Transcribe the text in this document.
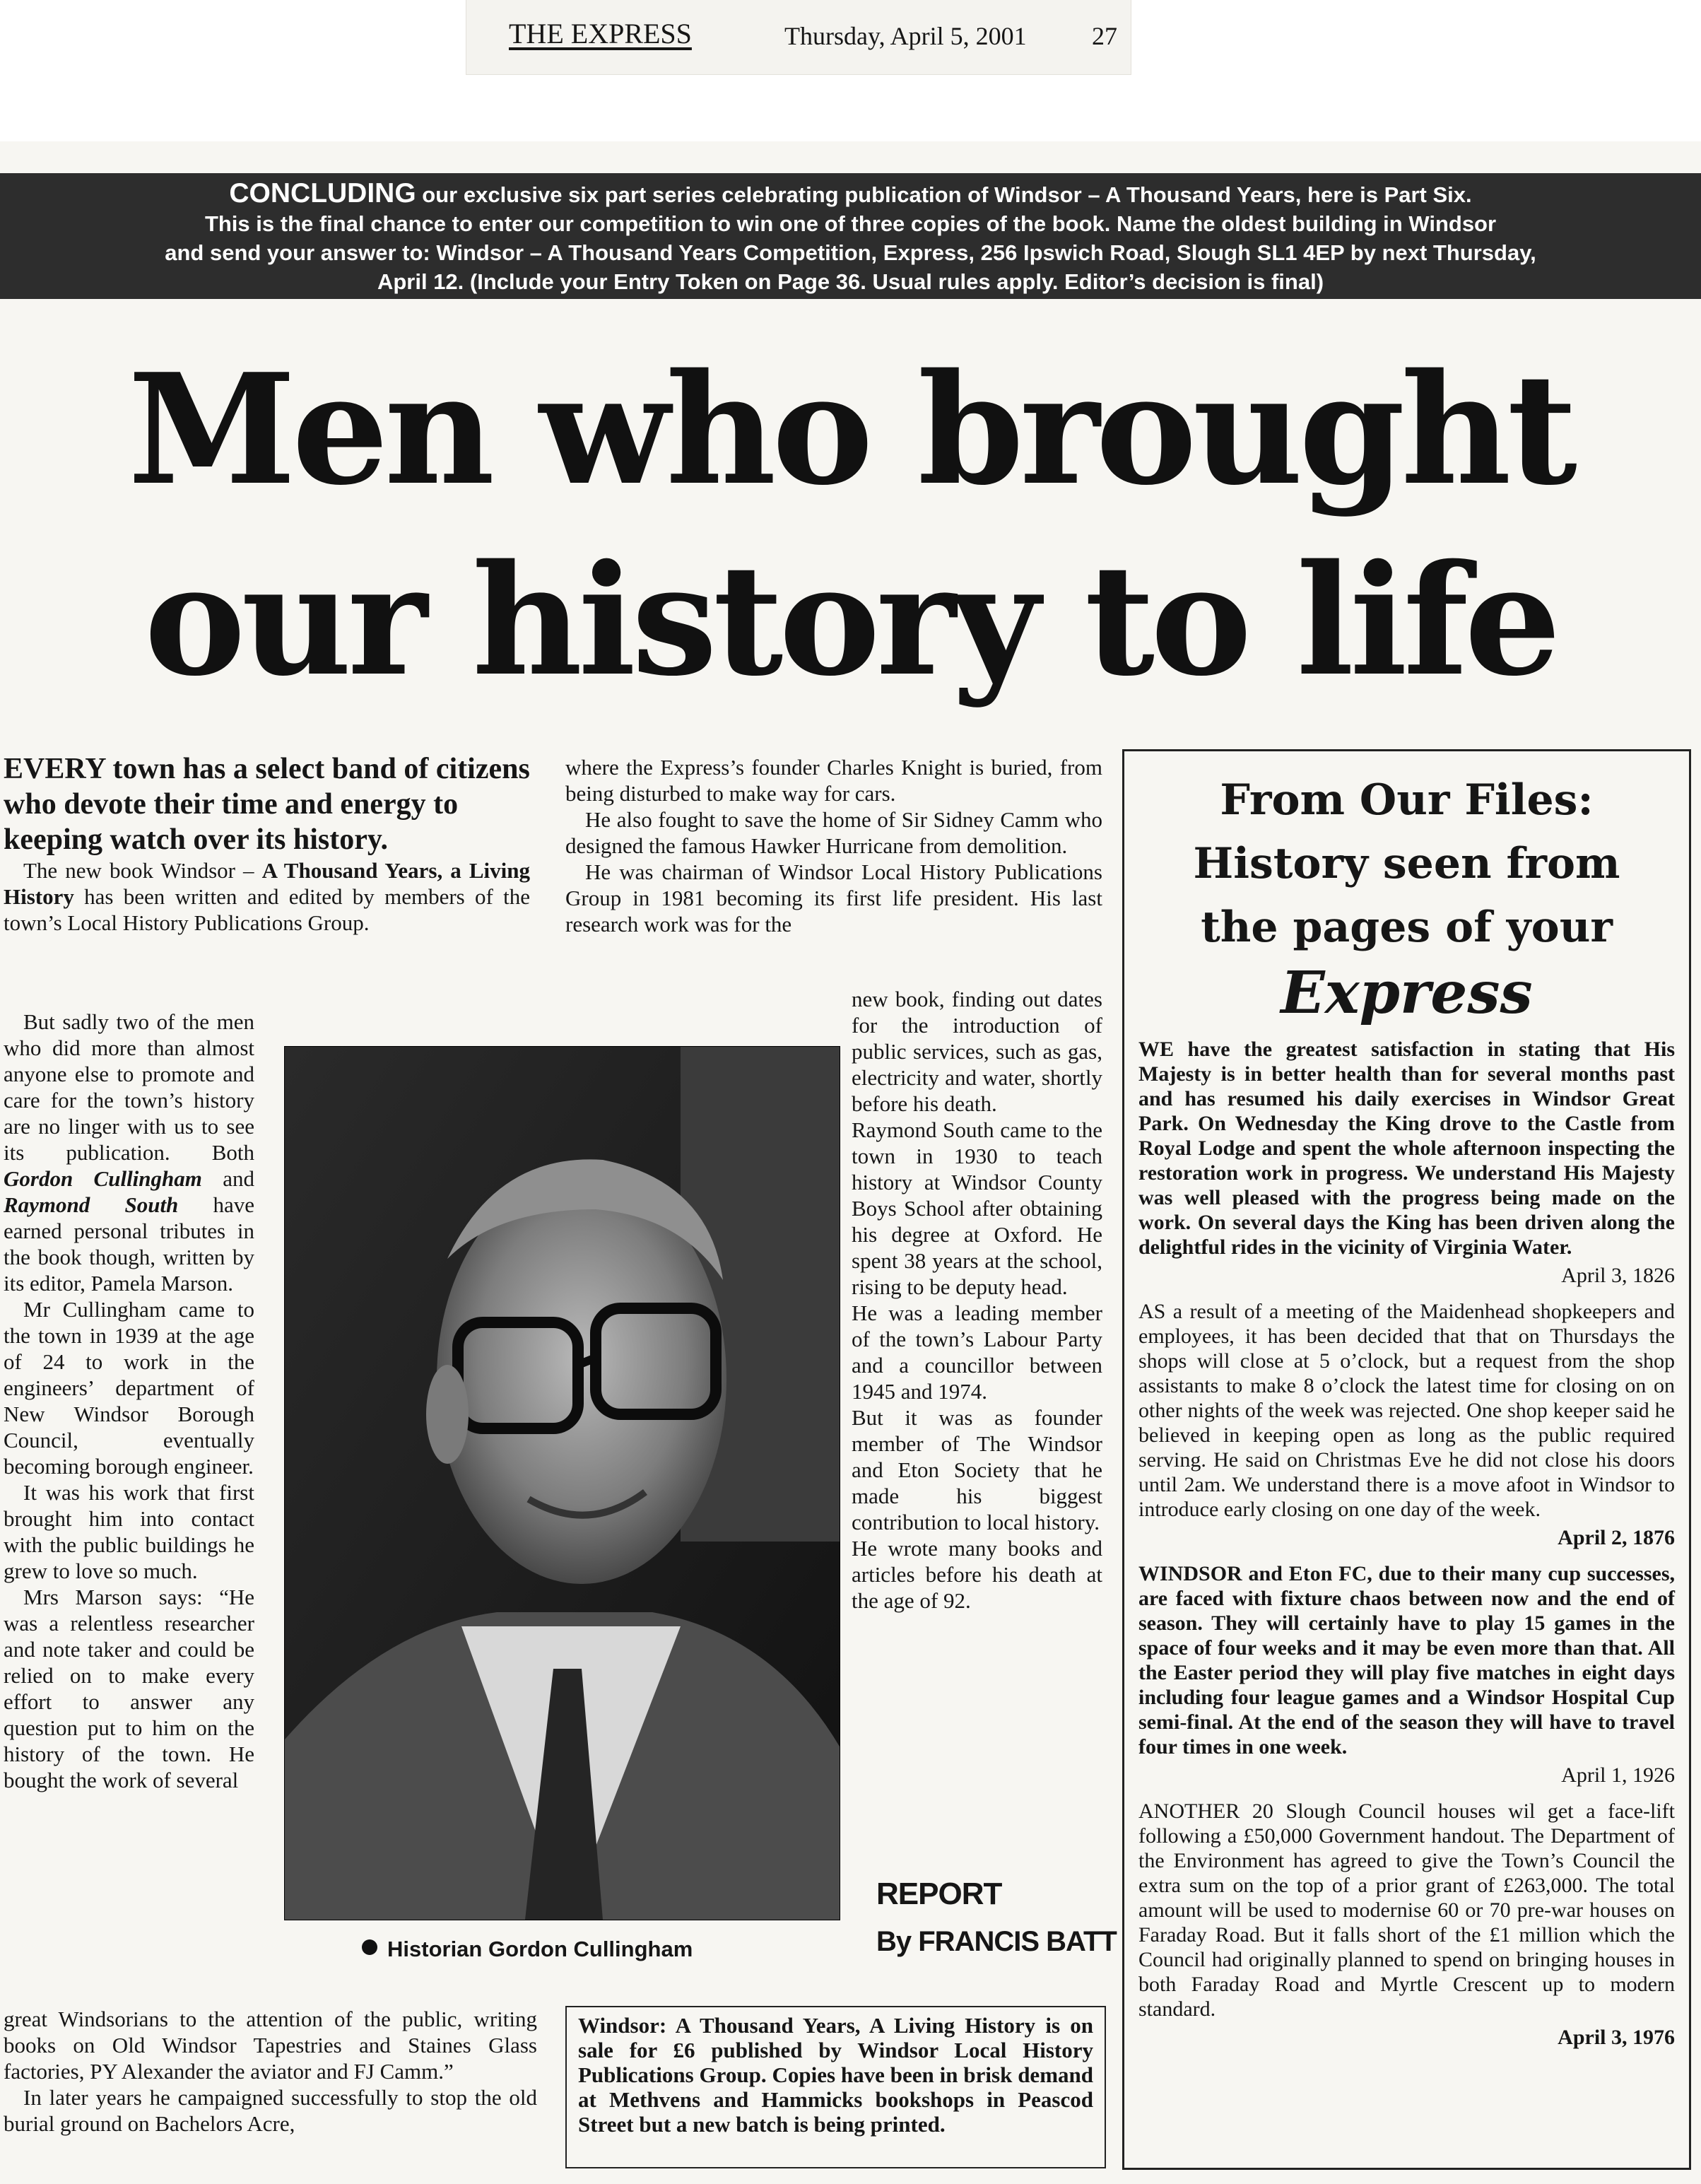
THE EXPRESS	Thursday, April 5, 2001	27
CONCLUDING our exclusive six part series celebrating publication of Windsor – A Thousand Years, here is Part Six.
This is the final chance to enter our competition to win one of three copies of the book. Name the oldest building in Windsor
and send your answer to: Windsor – A Thousand Years Competition, Express, 256 Ipswich Road, Slough SL1 4EP by next Thursday,
April 12. (Include your Entry Token on Page 36. Usual rules apply. Editor’s decision is final)
Men who brought
our history to life

EVERY town has a select band of citizens who devote their time and energy to keeping watch over its history.

The new book Windsor – A Thousand Years, a Living History has been written and edited by members of the town’s Local History Publications Group.

But sadly two of the men who did more than almost anyone else to promote and care for the town’s history are no linger with us to see its publication. Both Gordon Cullingham and Raymond South have earned personal tributes in the book though, written by its editor, Pamela Marson.

Mr Cullingham came to the town in 1939 at the age of 24 to work in the engineers’ department of New Windsor Borough Council, eventually becoming borough engineer.

It was his work that first brought him into contact with the public buildings he grew to love so much.

Mrs Marson says: “He was a relentless researcher and note taker and could be relied on to make every effort to answer any question put to him on the history of the town. He bought the work of several

great Windsorians to the attention of the public, writing books on Old Windsor Tapestries and Staines Glass factories, PY Alexander the aviator and FJ Camm.”

In later years he campaigned successfully to stop the old burial ground on Bachelors Acre,

where the Express’s founder Charles Knight is buried, from being disturbed to make way for cars.

He also fought to save the home of Sir Sidney Camm who designed the famous Hawker Hurricane from demolition.

He was chairman of Windsor Local History Publications Group in 1981 becoming its first life president. His last research work was for the

new book, finding out dates for the introduction of public services, such as gas, electricity and water, shortly before his death.

Raymond South came to the town in 1930 to teach history at Windsor County Boys School after obtaining his degree at Oxford. He spent 38 years at the school, rising to be deputy head.

He was a leading member of the town’s Labour Party and a councillor between 1945 and 1974.

But it was as founder member of The Windsor and Eton Society that he made his biggest contribution to local history.

He wrote many books and articles before his death at the age of 92.

Historian Gordon Cullingham
REPORT
By FRANCIS BATT
Windsor: A Thousand Years, A Living History is on sale for £6 published by Windsor Local History Publications Group. Copies have been in brisk demand at Methvens and Hammicks bookshops in Peascod Street but a new batch is being printed.
From Our Files:
History seen from
the pages of your
Express
WE have the greatest satisfaction in stating that His Majesty is in better health than for several months past and has resumed his daily exercises in Windsor Great Park. On Wednesday the King drove to the Castle from Royal Lodge and spent the whole afternoon inspecting the restoration work in progress. We understand His Majesty was well pleased with the progress being made on the work. On several days the King has been driven along the delightful rides in the vicinity of Virginia Water.
April 3, 1826
AS a result of a meeting of the Maidenhead shopkeepers and employees, it has been decided that that on Thursdays the shops will close at 5 o’clock, but a request from the shop assistants to make 8 o’clock the latest time for closing on on other nights of the week was rejected. One shop keeper said he believed in keeping open as long as the public required serving. He said on Christmas Eve he did not close his doors until 2am. We understand there is a move afoot in Windsor to introduce early closing on one day of the week.
April 2, 1876
WINDSOR and Eton FC, due to their many cup successes, are faced with fixture chaos between now and the end of season. They will certainly have to play 15 games in the space of four weeks and it may be even more than that. All the Easter period they will play five matches in eight days including four league games and a Windsor Hospital Cup semi-final. At the end of the season they will have to travel four times in one week.
April 1, 1926
ANOTHER 20 Slough Council houses wil get a face-lift following a £50,000 Government handout. The Department of the Environment has agreed to give the Town’s Council the extra sum on the top of a prior grant of £263,000. The total amount will be used to modernise 60 or 70 pre-war houses on Faraday Road. But it falls short of the £1 million which the Council had originally planned to spend on bringing houses in both Faraday Road and Myrtle Crescent up to modern standard.
April 3, 1976
